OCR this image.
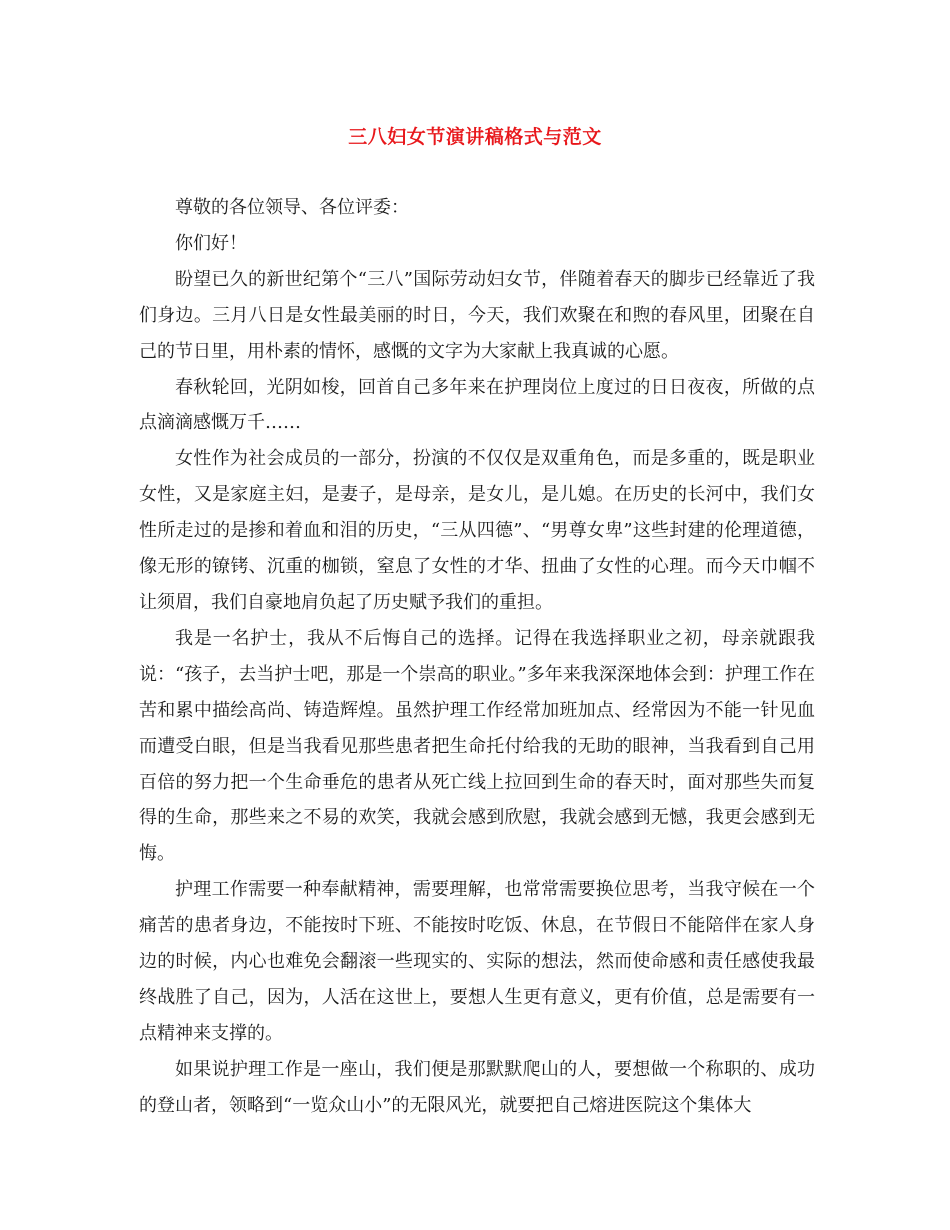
三八妇女节演讲稿格式与范文

尊敬的各位领导、各位评委：

你们好！

盼望已久的新世纪第个“三八”国际劳动妇女节，伴随着春天的脚步已经靠近了我们身边。三月八日是女性最美丽的时日，今天，我们欢聚在和煦的春风里，团聚在自己的节日里，用朴素的情怀，感慨的文字为大家献上我真诚的心愿。

春秋轮回，光阴如梭，回首自己多年来在护理岗位上度过的日日夜夜，所做的点点滴滴感慨万千……

女性作为社会成员的一部分，扮演的不仅仅是双重角色，而是多重的，既是职业女性，又是家庭主妇，是妻子，是母亲，是女儿，是儿媳。在历史的长河中，我们女性所走过的是掺和着血和泪的历史，“三从四德”、“男尊女卑”这些封建的伦理道德，像无形的镣铐、沉重的枷锁，窒息了女性的才华、扭曲了女性的心理。而今天巾帼不让须眉，我们自豪地肩负起了历史赋予我们的重担。

我是一名护士，我从不后悔自己的选择。记得在我选择职业之初，母亲就跟我说：“孩子，去当护士吧，那是一个崇高的职业。”多年来我深深地体会到：护理工作在苦和累中描绘高尚、铸造辉煌。虽然护理工作经常加班加点、经常因为不能一针见血而遭受白眼，但是当我看见那些患者把生命托付给我的无助的眼神，当我看到自己用百倍的努力把一个生命垂危的患者从死亡线上拉回到生命的春天时，面对那些失而复得的生命，那些来之不易的欢笑，我就会感到欣慰，我就会感到无憾，我更会感到无悔。

护理工作需要一种奉献精神，需要理解，也常常需要换位思考，当我守候在一个痛苦的患者身边，不能按时下班、不能按时吃饭、休息，在节假日不能陪伴在家人身边的时候，内心也难免会翻滚一些现实的、实际的想法，然而使命感和责任感使我最终战胜了自己，因为，人活在这世上，要想人生更有意义，更有价值，总是需要有一点精神来支撑的。

如果说护理工作是一座山，我们便是那默默爬山的人，要想做一个称职的、成功的登山者，领略到“一览众山小”的无限风光，就要把自己熔进医院这个集体大
